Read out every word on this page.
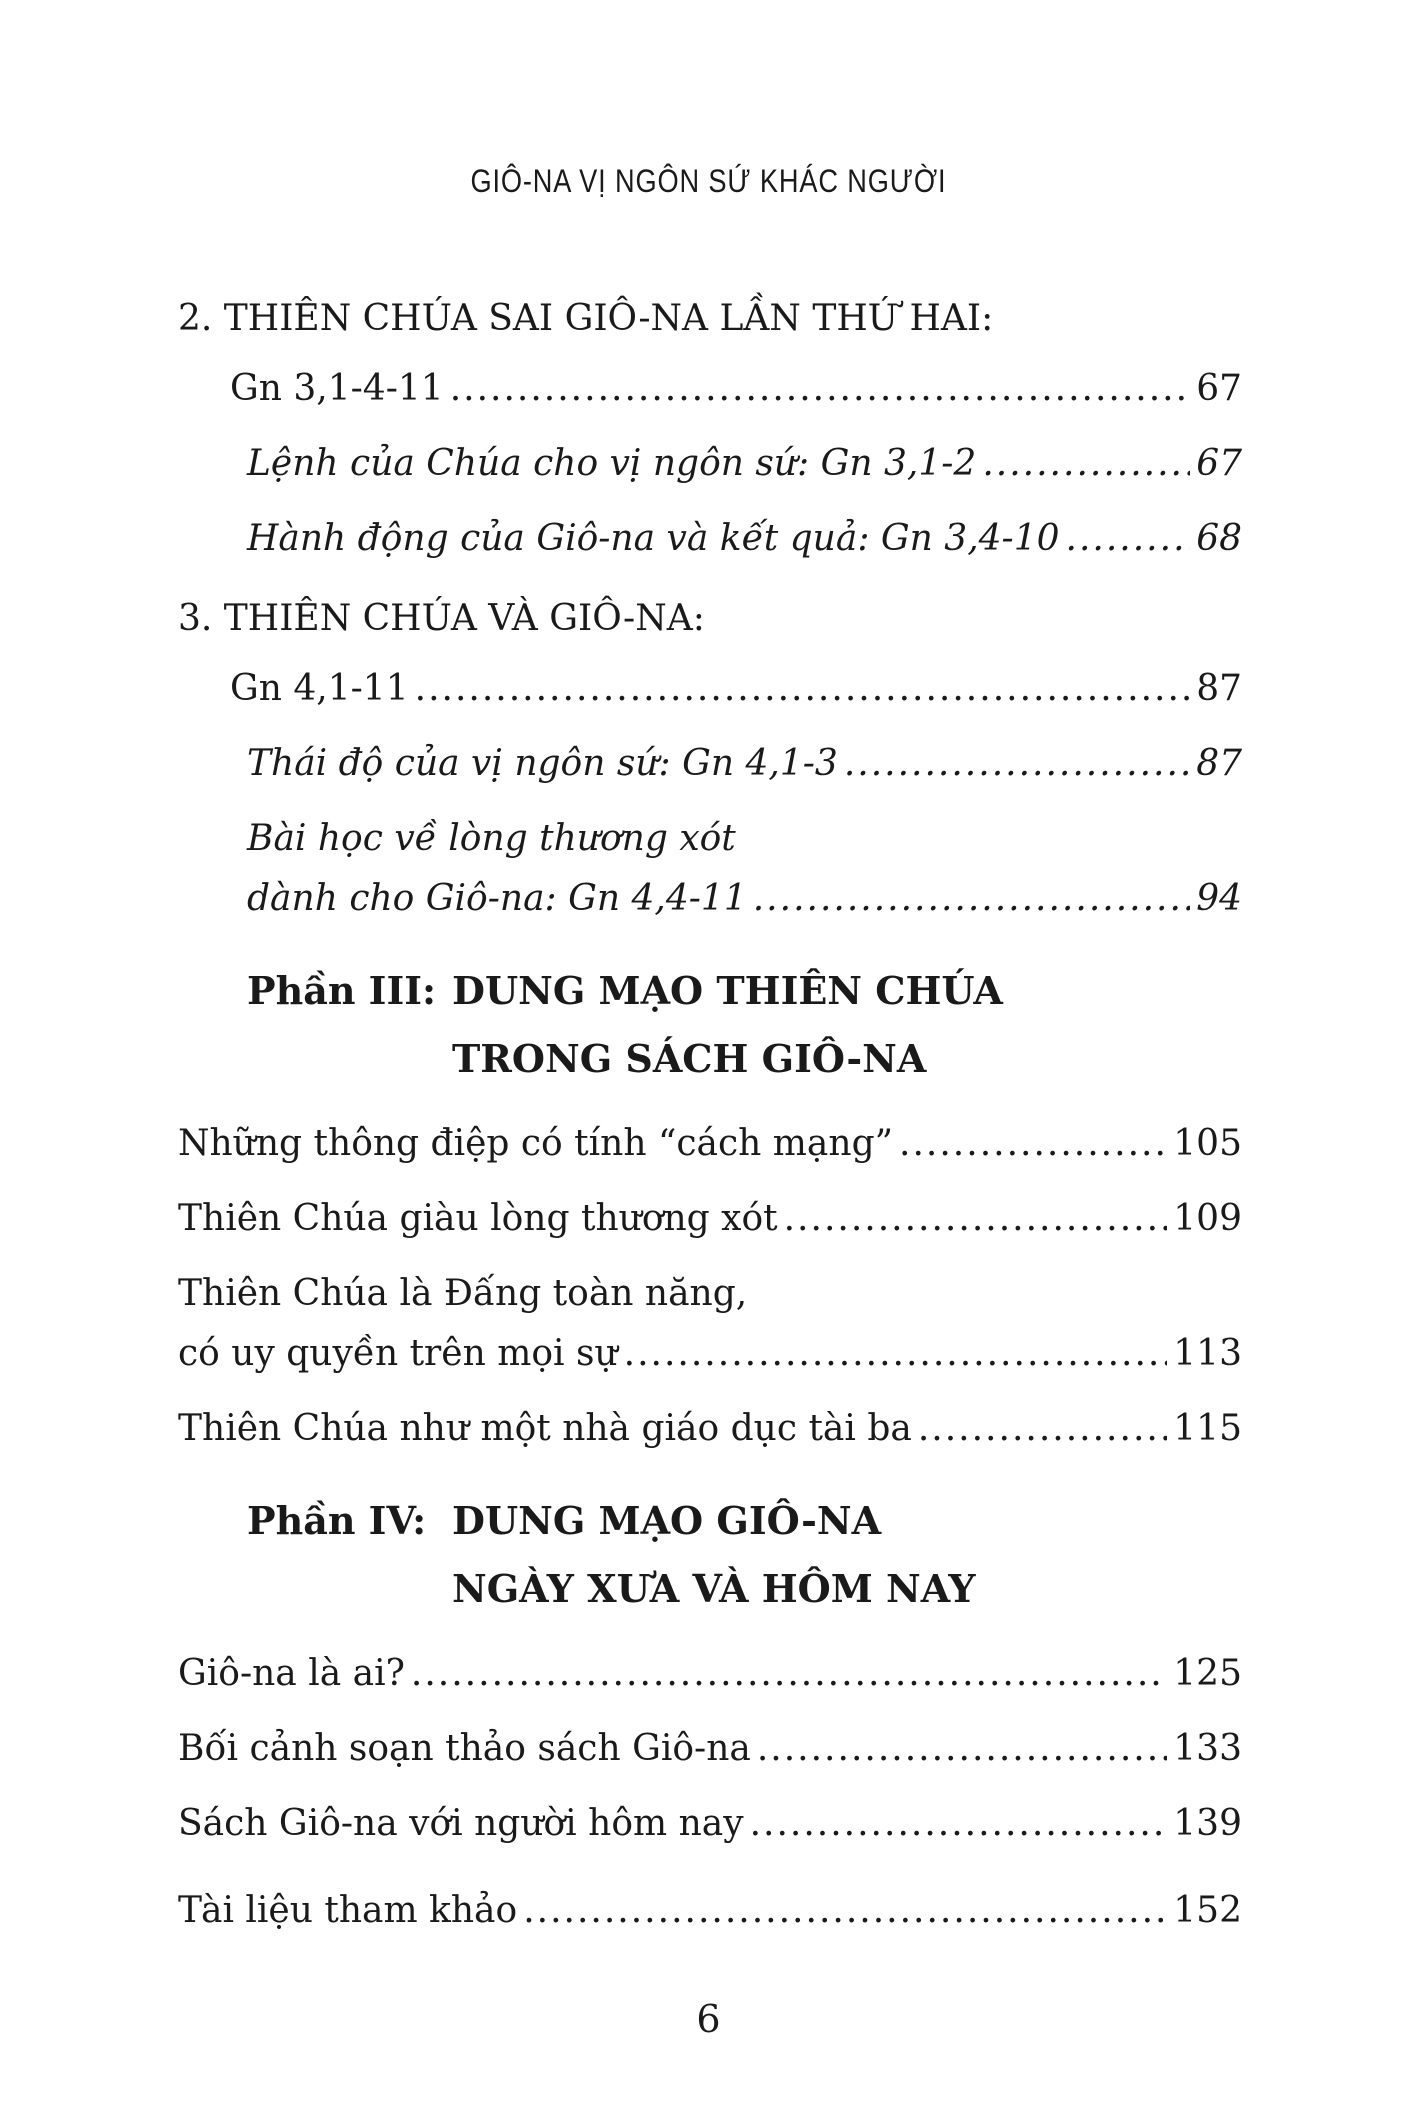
GIÔ-NA VỊ NGÔN SỨ KHÁC NGƯỜI
2. THIÊN CHÚA SAI GIÔ-NA LẦN THỨ HAI:
Gn 3,1-4-11 .....	67
Lệnh của Chúa cho vị ngôn sứ: Gn 3,1-2 .....	67
Hành động của Giô-na và kết quả: Gn 3,4-10 .....	68
3. THIÊN CHÚA VÀ GIÔ-NA:
Gn 4,1-11 .....	87
Thái độ của vị ngôn sứ: Gn 4,1-3 .....	87
Bài học về lòng thương xót
dành cho Giô-na: Gn 4,4-11 .....	94
Phần III: DUNG MẠO THIÊN CHÚA
TRONG SÁCH GIÔ-NA
Những thông điệp có tính “cách mạng” .....	105
Thiên Chúa giàu lòng thương xót .....	109
Thiên Chúa là Đấng toàn năng,
có uy quyền trên mọi sự .....	113
Thiên Chúa như một nhà giáo dục tài ba .....	115
Phần IV: DUNG MẠO GIÔ-NA
NGÀY XƯA VÀ HÔM NAY
Giô-na là ai? .....	125
Bối cảnh soạn thảo sách Giô-na .....	133
Sách Giô-na với người hôm nay .....	139
Tài liệu tham khảo .....	152
6
